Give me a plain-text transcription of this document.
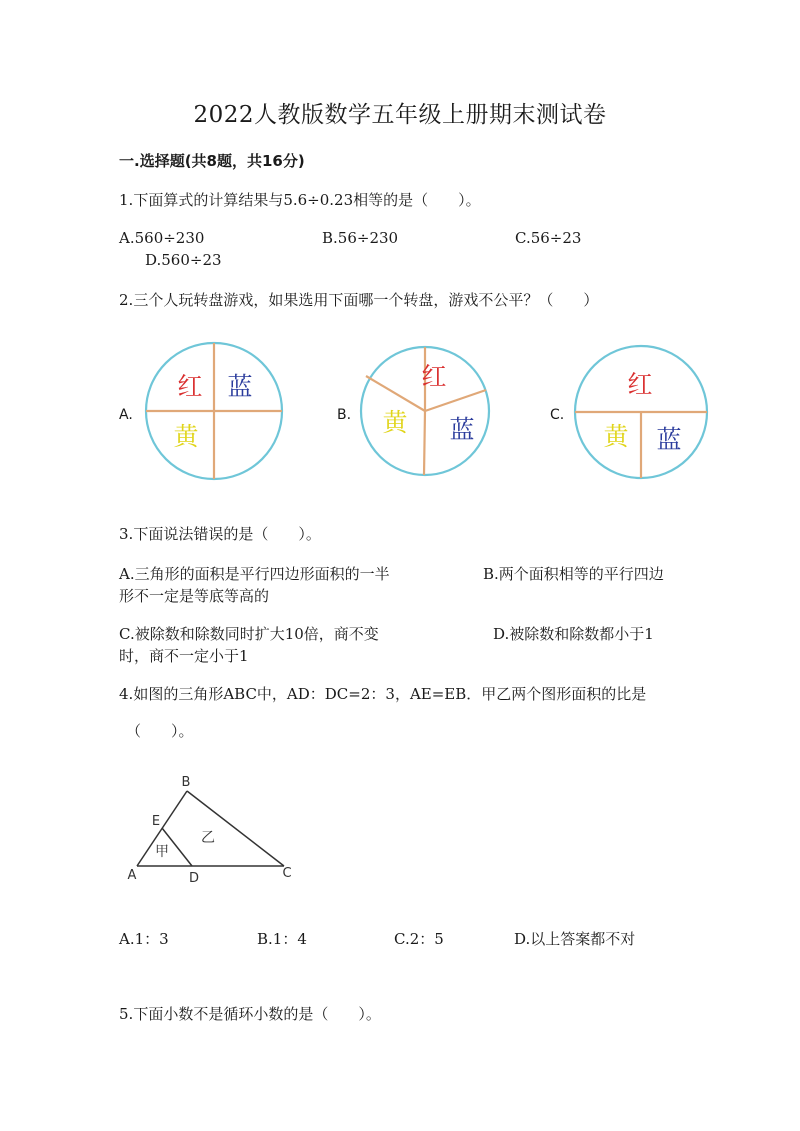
2022人教版数学五年级上册期末测试卷
一.选择题(共8题，共16分)
1.下面算式的计算结果与5.6÷0.23相等的是（　　）。
A.560÷230	B.56÷230	C.56÷23
D.560÷23
2.三个人玩转盘游戏，如果选用下面哪一个转盘，游戏不公平？（　　）
A.
红 蓝
黄
B.
红
黄 蓝	C.
红
黄 蓝
3.下面说法错误的是（　　）。
A.三角形的面积是平行四边形面积的一半	B.两个面积相等的平行四边
形不一定是等底等高的
C.被除数和除数同时扩大10倍，商不变	D.被除数和除数都小于1
时，商不一定小于1
4.如图的三角形ABC中，AD：DC=2：3，AE=EB．甲乙两个图形面积的比是
（　　）。
A
B
C
D
E
甲
乙
A.1：3	B.1：4	C.2：5	D.以上答案都不对
5.下面小数不是循环小数的是（　　）。
